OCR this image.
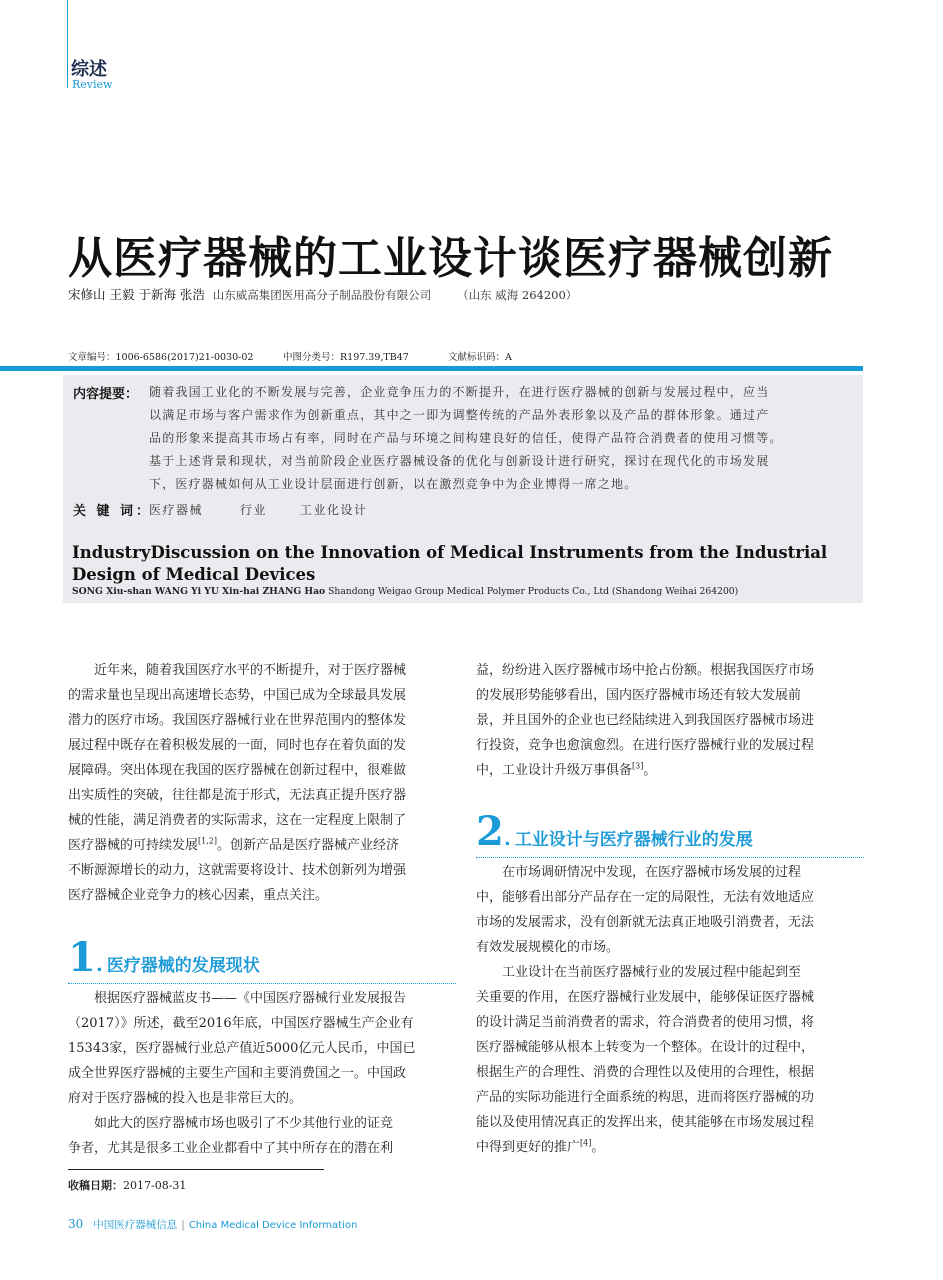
综述
Review
从医疗器械的工业设计谈医疗器械创新
宋修山 王毅 于新海 张浩 山东威高集团医用高分子制品股份有限公司 （山东 威海 264200）
文章编号：1006-6586(2017)21-0030-02	中图分类号：R197.39,TB47	文献标识码：A
内容提要： 随着我国工业化的不断发展与完善，企业竞争压力的不断提升，在进行医疗器械的创新与发展过程中，应当
以满足市场与客户需求作为创新重点，其中之一即为调整传统的产品外表形象以及产品的群体形象。通过产
品的形象来提高其市场占有率，同时在产品与环境之间构建良好的信任，使得产品符合消费者的使用习惯等。
基于上述背景和现状，对当前阶段企业医疗器械设备的优化与创新设计进行研究，探讨在现代化的市场发展
下，医疗器械如何从工业设计层面进行创新，以在激烈竞争中为企业博得一席之地。
关 键 词：
医疗器械	行业	工业化设计
IndustryDiscussion on the Innovation of Medical Instruments from the Industrial Design of Medical Devices
SONG Xiu-shan WANG Yi YU Xin-hai ZHANG Hao Shandong Weigao Group Medical Polymer Products Co., Ltd (Shandong Weihai 264200)
近年来，随着我国医疗水平的不断提升，对于医疗器械
的需求量也呈现出高速增长态势，中国已成为全球最具发展
潜力的医疗市场。我国医疗器械行业在世界范围内的整体发
展过程中既存在着积极发展的一面，同时也存在着负面的发
展障碍。突出体现在我国的医疗器械在创新过程中，很难做
出实质性的突破，往往都是流于形式，无法真正提升医疗器
械的性能，满足消费者的实际需求，这在一定程度上限制了
医疗器械的可持续发展[1,2]。创新产品是医疗器械产业经济
不断源源增长的动力，这就需要将设计、技术创新列为增强
医疗器械企业竞争力的核心因素，重点关注。
1. 医疗器械的发展现状
根据医疗器械蓝皮书——《中国医疗器械行业发展报告
（2017）》所述，截至2016年底，中国医疗器械生产企业有
15343家，医疗器械行业总产值近5000亿元人民币，中国已
成全世界医疗器械的主要生产国和主要消费国之一。中国政
府对于医疗器械的投入也是非常巨大的。
如此大的医疗器械市场也吸引了不少其他行业的证竞
争者，尤其是很多工业企业都看中了其中所存在的潜在利
益，纷纷进入医疗器械市场中抢占份额。根据我国医疗市场
的发展形势能够看出，国内医疗器械市场还有较大发展前
景，并且国外的企业也已经陆续进入到我国医疗器械市场进
行投资，竞争也愈演愈烈。在进行医疗器械行业的发展过程
中，工业设计升级万事俱备[3]。
2. 工业设计与医疗器械行业的发展
在市场调研情况中发现，在医疗器械市场发展的过程
中，能够看出部分产品存在一定的局限性，无法有效地适应
市场的发展需求，没有创新就无法真正地吸引消费者，无法
有效发展规模化的市场。
工业设计在当前医疗器械行业的发展过程中能起到至
关重要的作用，在医疗器械行业发展中，能够保证医疗器械
的设计满足当前消费者的需求，符合消费者的使用习惯，将
医疗器械能够从根本上转变为一个整体。在设计的过程中，
根据生产的合理性、消费的合理性以及使用的合理性，根据
产品的实际功能进行全面系统的构思，进而将医疗器械的功
能以及使用情况真正的发挥出来，使其能够在市场发展过程
中得到更好的推广[4]。
收稿日期：2017-08-31
30 中国医疗器械信息 | China Medical Device Information
